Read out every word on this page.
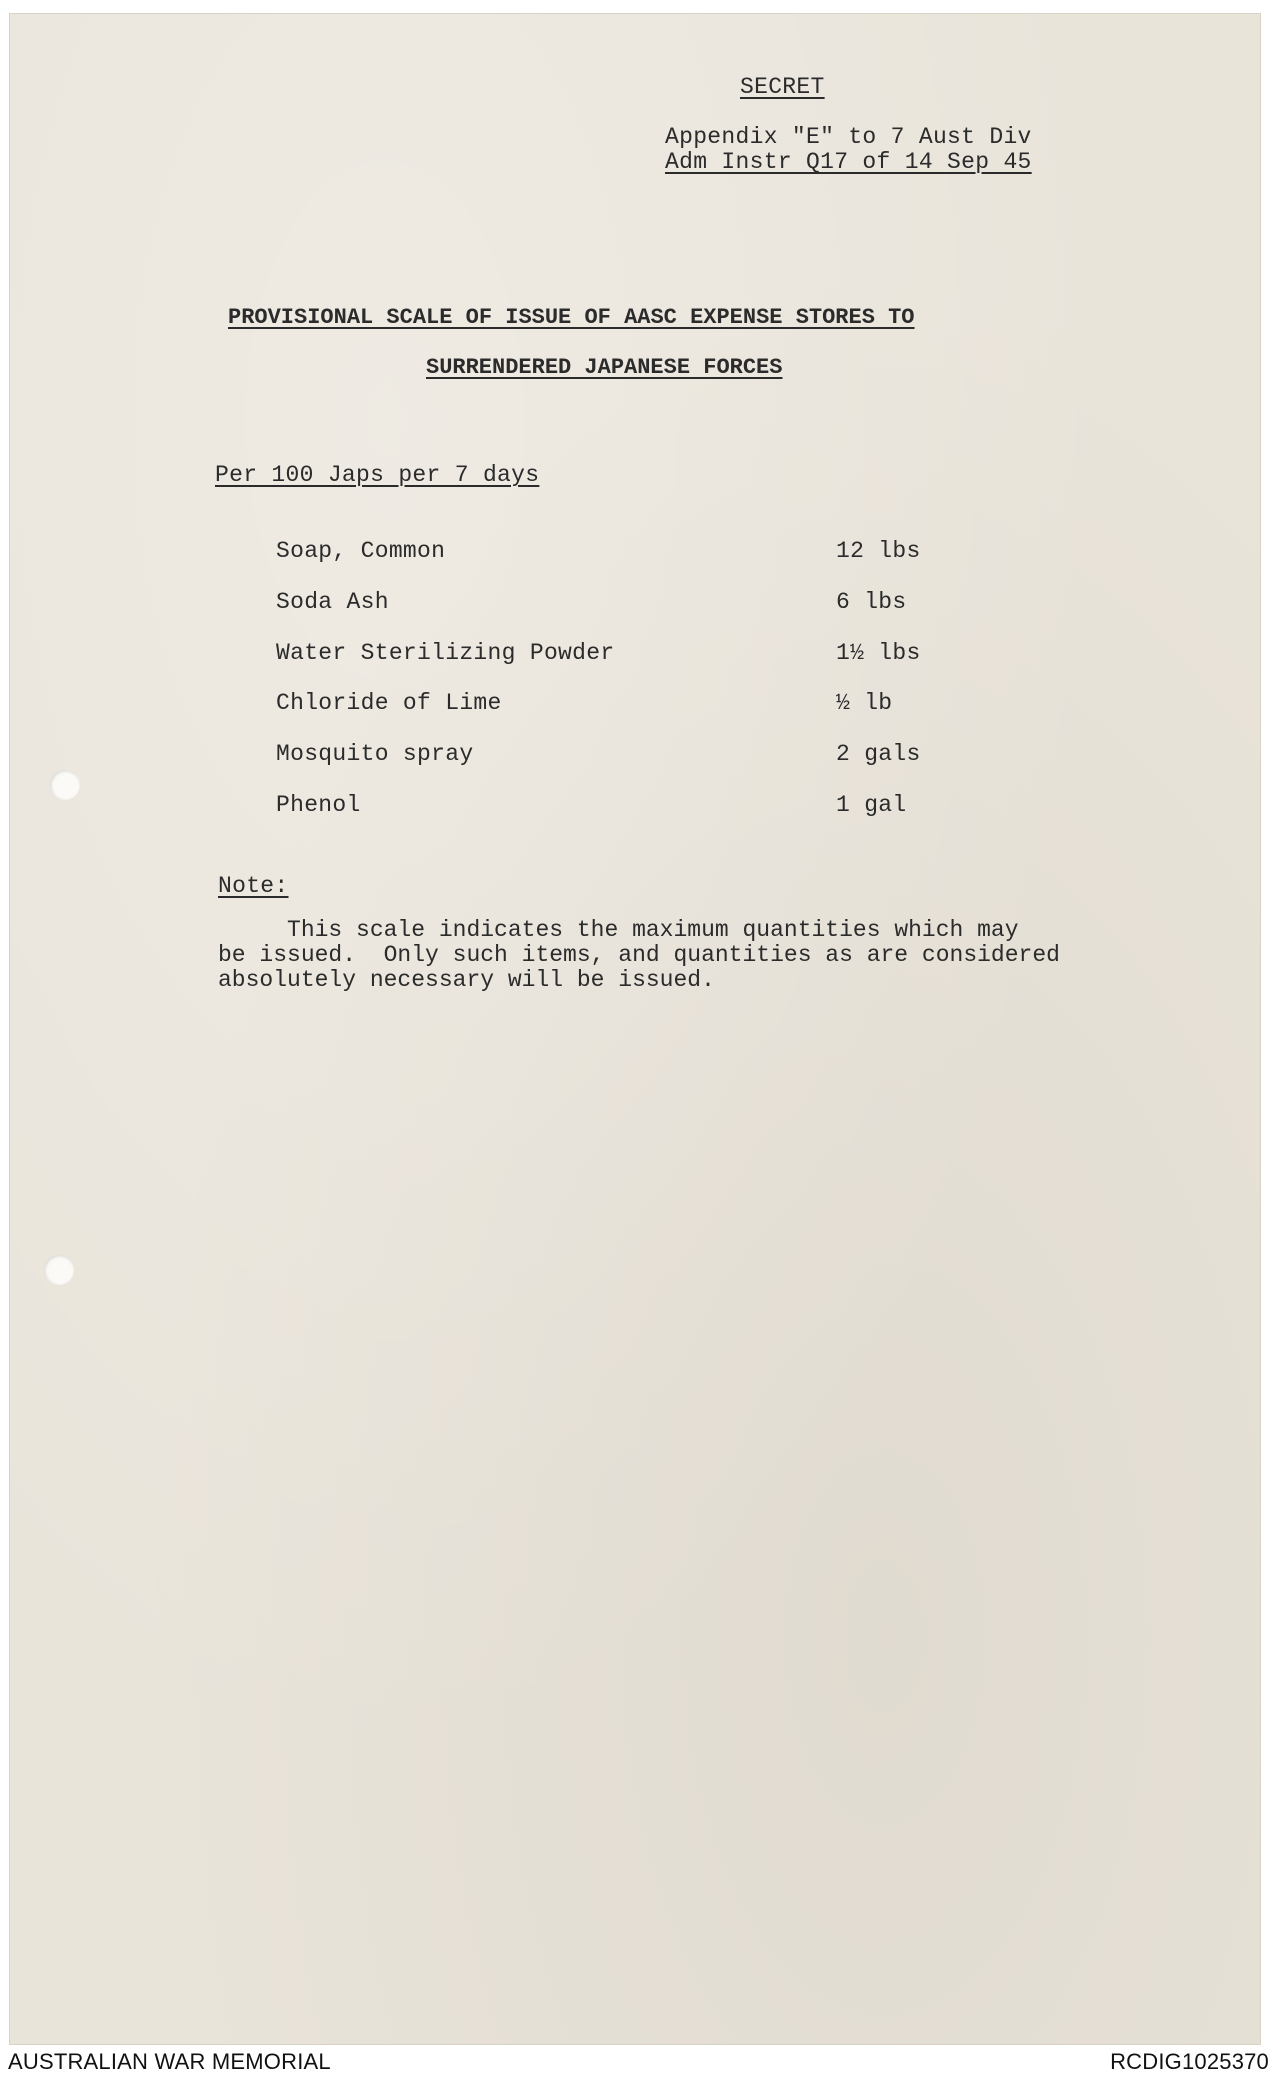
SECRET
Appendix "E" to 7 Aust Div
Adm Instr Q17 of 14 Sep 45
PROVISIONAL SCALE OF ISSUE OF AASC EXPENSE STORES TO
SURRENDERED JAPANESE FORCES
Per 100 Japs per 7 days
Soap, Common	12 lbs
Soda Ash	6 lbs
Water Sterilizing Powder	1½ lbs
Chloride of Lime	½ lb
Mosquito spray	2 gals
Phenol	1 gal
Note:
This scale indicates the maximum quantities which may
be issued.  Only such items, and quantities as are considered
absolutely necessary will be issued.
AUSTRALIAN WAR MEMORIAL	RCDIG1025370
